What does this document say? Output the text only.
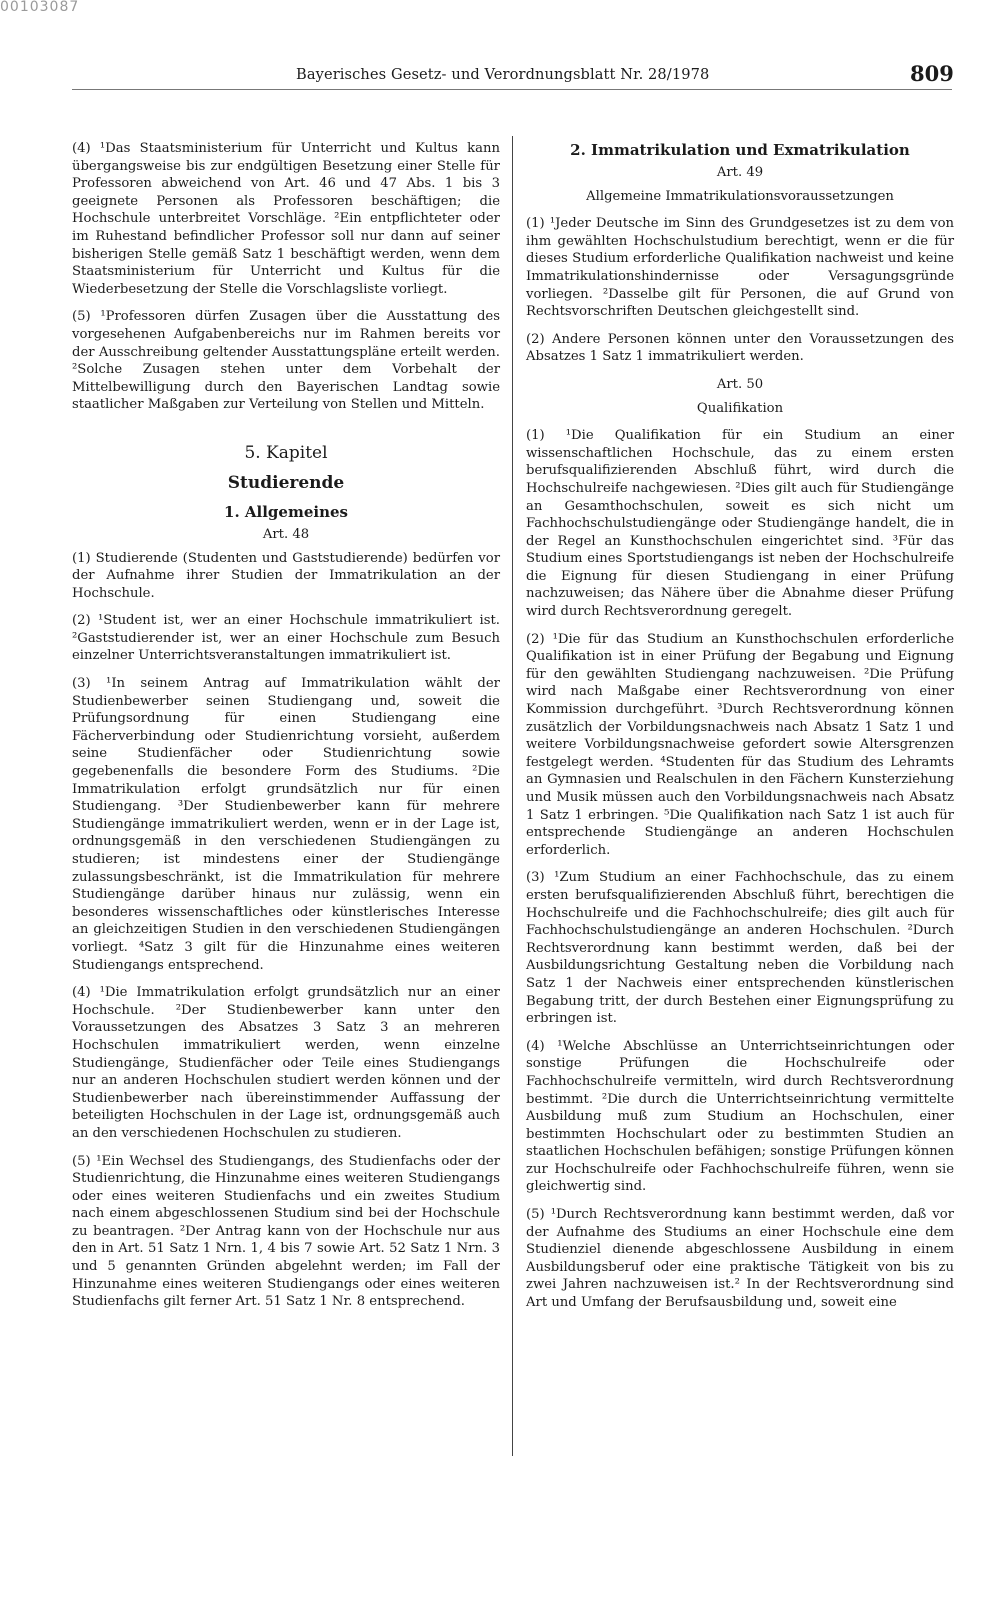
00103087
Bayerisches Gesetz- und Verordnungsblatt Nr. 28/1978	809

(4) ¹Das Staatsministerium für Unterricht und Kultus kann übergangsweise bis zur endgültigen Besetzung einer Stelle für Professoren abweichend von Art. 46 und 47 Abs. 1 bis 3 geeignete Personen als Professoren beschäftigen; die Hochschule unterbreitet Vorschläge. ²Ein entpflichteter oder im Ruhestand befindlicher Professor soll nur dann auf seiner bisherigen Stelle gemäß Satz 1 beschäftigt werden, wenn dem Staatsministerium für Unterricht und Kultus für die Wiederbesetzung der Stelle die Vorschlagsliste vorliegt.

(5) ¹Professoren dürfen Zusagen über die Ausstattung des vorgesehenen Aufgabenbereichs nur im Rahmen bereits vor der Ausschreibung geltender Ausstattungspläne erteilt werden. ²Solche Zusagen stehen unter dem Vorbehalt der Mittelbewilligung durch den Bayerischen Landtag sowie staatlicher Maßgaben zur Verteilung von Stellen und Mitteln.

5. Kapitel
Studierende
1. Allgemeines
Art. 48

(1) Studierende (Studenten und Gaststudierende) bedürfen vor der Aufnahme ihrer Studien der Immatrikulation an der Hochschule.

(2) ¹Student ist, wer an einer Hochschule immatrikuliert ist. ²Gaststudierender ist, wer an einer Hochschule zum Besuch einzelner Unterrichtsveranstaltungen immatrikuliert ist.

(3) ¹In seinem Antrag auf Immatrikulation wählt der Studienbewerber seinen Studiengang und, soweit die Prüfungsordnung für einen Studiengang eine Fächerverbindung oder Studienrichtung vorsieht, außerdem seine Studienfächer oder Studienrichtung sowie gegebenenfalls die besondere Form des Studiums. ²Die Immatrikulation erfolgt grundsätzlich nur für einen Studiengang. ³Der Studienbewerber kann für mehrere Studiengänge immatrikuliert werden, wenn er in der Lage ist, ordnungsgemäß in den verschiedenen Studiengängen zu studieren; ist mindestens einer der Studiengänge zulassungsbeschränkt, ist die Immatrikulation für mehrere Studiengänge darüber hinaus nur zulässig, wenn ein besonderes wissenschaftliches oder künstlerisches Interesse an gleichzeitigen Studien in den verschiedenen Studiengängen vorliegt. ⁴Satz 3 gilt für die Hinzunahme eines weiteren Studiengangs entsprechend.

(4) ¹Die Immatrikulation erfolgt grundsätzlich nur an einer Hochschule. ²Der Studienbewerber kann unter den Voraussetzungen des Absatzes 3 Satz 3 an mehreren Hochschulen immatrikuliert werden, wenn einzelne Studiengänge, Studienfächer oder Teile eines Studiengangs nur an anderen Hochschulen studiert werden können und der Studienbewerber nach übereinstimmender Auffassung der beteiligten Hochschulen in der Lage ist, ordnungsgemäß auch an den verschiedenen Hochschulen zu studieren.

(5) ¹Ein Wechsel des Studiengangs, des Studienfachs oder der Studienrichtung, die Hinzunahme eines weiteren Studiengangs oder eines weiteren Studienfachs und ein zweites Studium nach einem abgeschlossenen Studium sind bei der Hochschule zu beantragen. ²Der Antrag kann von der Hochschule nur aus den in Art. 51 Satz 1 Nrn. 1, 4 bis 7 sowie Art. 52 Satz 1 Nrn. 3 und 5 genannten Gründen abgelehnt werden; im Fall der Hinzunahme eines weiteren Studiengangs oder eines weiteren Studienfachs gilt ferner Art. 51 Satz 1 Nr. 8 entsprechend.

2. Immatrikulation und Exmatrikulation
Art. 49
Allgemeine Immatrikulationsvoraussetzungen

(1) ¹Jeder Deutsche im Sinn des Grundgesetzes ist zu dem von ihm gewählten Hochschulstudium berechtigt, wenn er die für dieses Studium erforderliche Qualifikation nachweist und keine Immatrikulationshindernisse oder Versagungsgründe vorliegen. ²Dasselbe gilt für Personen, die auf Grund von Rechtsvorschriften Deutschen gleichgestellt sind.

(2) Andere Personen können unter den Voraussetzungen des Absatzes 1 Satz 1 immatrikuliert werden.

Art. 50
Qualifikation

(1) ¹Die Qualifikation für ein Studium an einer wissenschaftlichen Hochschule, das zu einem ersten berufsqualifizierenden Abschluß führt, wird durch die Hochschulreife nachgewiesen. ²Dies gilt auch für Studiengänge an Gesamthochschulen, soweit es sich nicht um Fachhochschulstudiengänge oder Studiengänge handelt, die in der Regel an Kunsthochschulen eingerichtet sind. ³Für das Studium eines Sportstudiengangs ist neben der Hochschulreife die Eignung für diesen Studiengang in einer Prüfung nachzuweisen; das Nähere über die Abnahme dieser Prüfung wird durch Rechtsverordnung geregelt.

(2) ¹Die für das Studium an Kunsthochschulen erforderliche Qualifikation ist in einer Prüfung der Begabung und Eignung für den gewählten Studiengang nachzuweisen. ²Die Prüfung wird nach Maßgabe einer Rechtsverordnung von einer Kommission durchgeführt. ³Durch Rechtsverordnung können zusätzlich der Vorbildungsnachweis nach Absatz 1 Satz 1 und weitere Vorbildungsnachweise gefordert sowie Altersgrenzen festgelegt werden. ⁴Studenten für das Studium des Lehramts an Gymnasien und Realschulen in den Fächern Kunsterziehung und Musik müssen auch den Vorbildungsnachweis nach Absatz 1 Satz 1 erbringen. ⁵Die Qualifikation nach Satz 1 ist auch für entsprechende Studiengänge an anderen Hochschulen erforderlich.

(3) ¹Zum Studium an einer Fachhochschule, das zu einem ersten berufsqualifizierenden Abschluß führt, berechtigen die Hochschulreife und die Fachhochschulreife; dies gilt auch für Fachhochschulstudiengänge an anderen Hochschulen. ²Durch Rechtsverordnung kann bestimmt werden, daß bei der Ausbildungsrichtung Gestaltung neben die Vorbildung nach Satz 1 der Nachweis einer entsprechenden künstlerischen Begabung tritt, der durch Bestehen einer Eignungsprüfung zu erbringen ist.

(4) ¹Welche Abschlüsse an Unterrichtseinrichtungen oder sonstige Prüfungen die Hochschulreife oder Fachhochschulreife vermitteln, wird durch Rechtsverordnung bestimmt. ²Die durch die Unterrichtseinrichtung vermittelte Ausbildung muß zum Studium an Hochschulen, einer bestimmten Hochschulart oder zu bestimmten Studien an staatlichen Hochschulen befähigen; sonstige Prüfungen können zur Hochschulreife oder Fachhochschulreife führen, wenn sie gleichwertig sind.

(5) ¹Durch Rechtsverordnung kann bestimmt werden, daß vor der Aufnahme des Studiums an einer Hochschule eine dem Studienziel dienende abgeschlossene Ausbildung in einem Ausbildungsberuf oder eine praktische Tätigkeit von bis zu zwei Jahren nachzuweisen ist.² In der Rechtsverordnung sind Art und Umfang der Berufsausbildung und, soweit eine
